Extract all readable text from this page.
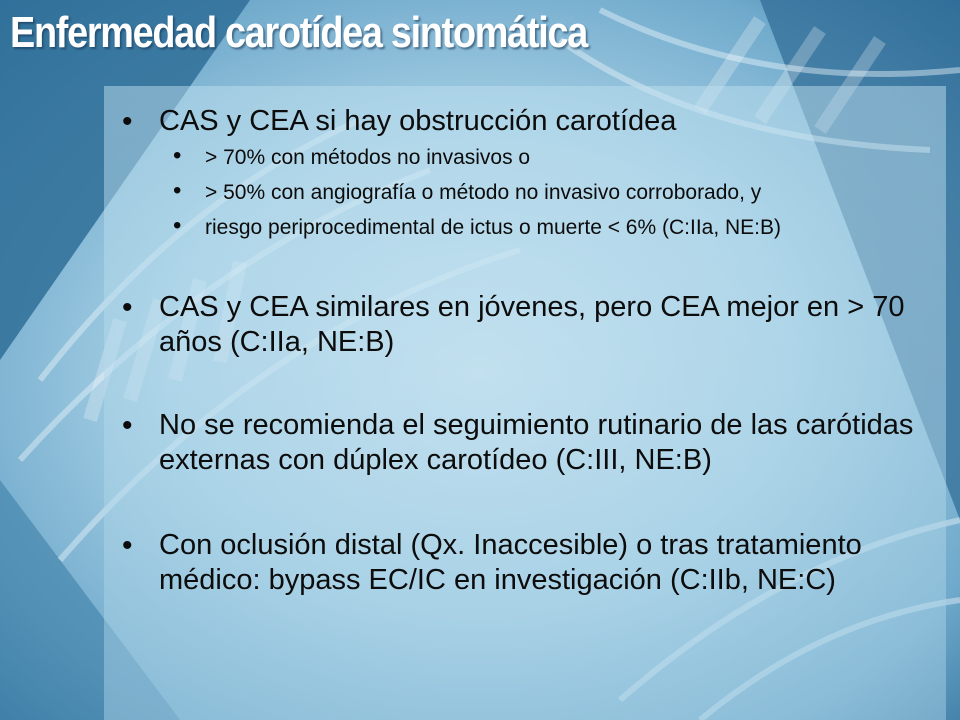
Enfermedad carotídea sintomática
• CAS y CEA si hay obstrucción carotídea
• > 70% con métodos no invasivos o
• > 50% con angiografía o método no invasivo corroborado, y
• riesgo periprocedimental de ictus o muerte < 6% (C:IIa, NE:B)
• CAS y CEA similares en jóvenes, pero CEA mejor en > 70 años (C:IIa, NE:B)
• No se recomienda el seguimiento rutinario de las carótidas externas con dúplex carotídeo (C:III, NE:B)
• Con oclusión distal (Qx. Inaccesible) o tras tratamiento médico: bypass EC/IC en investigación (C:IIb, NE:C)
